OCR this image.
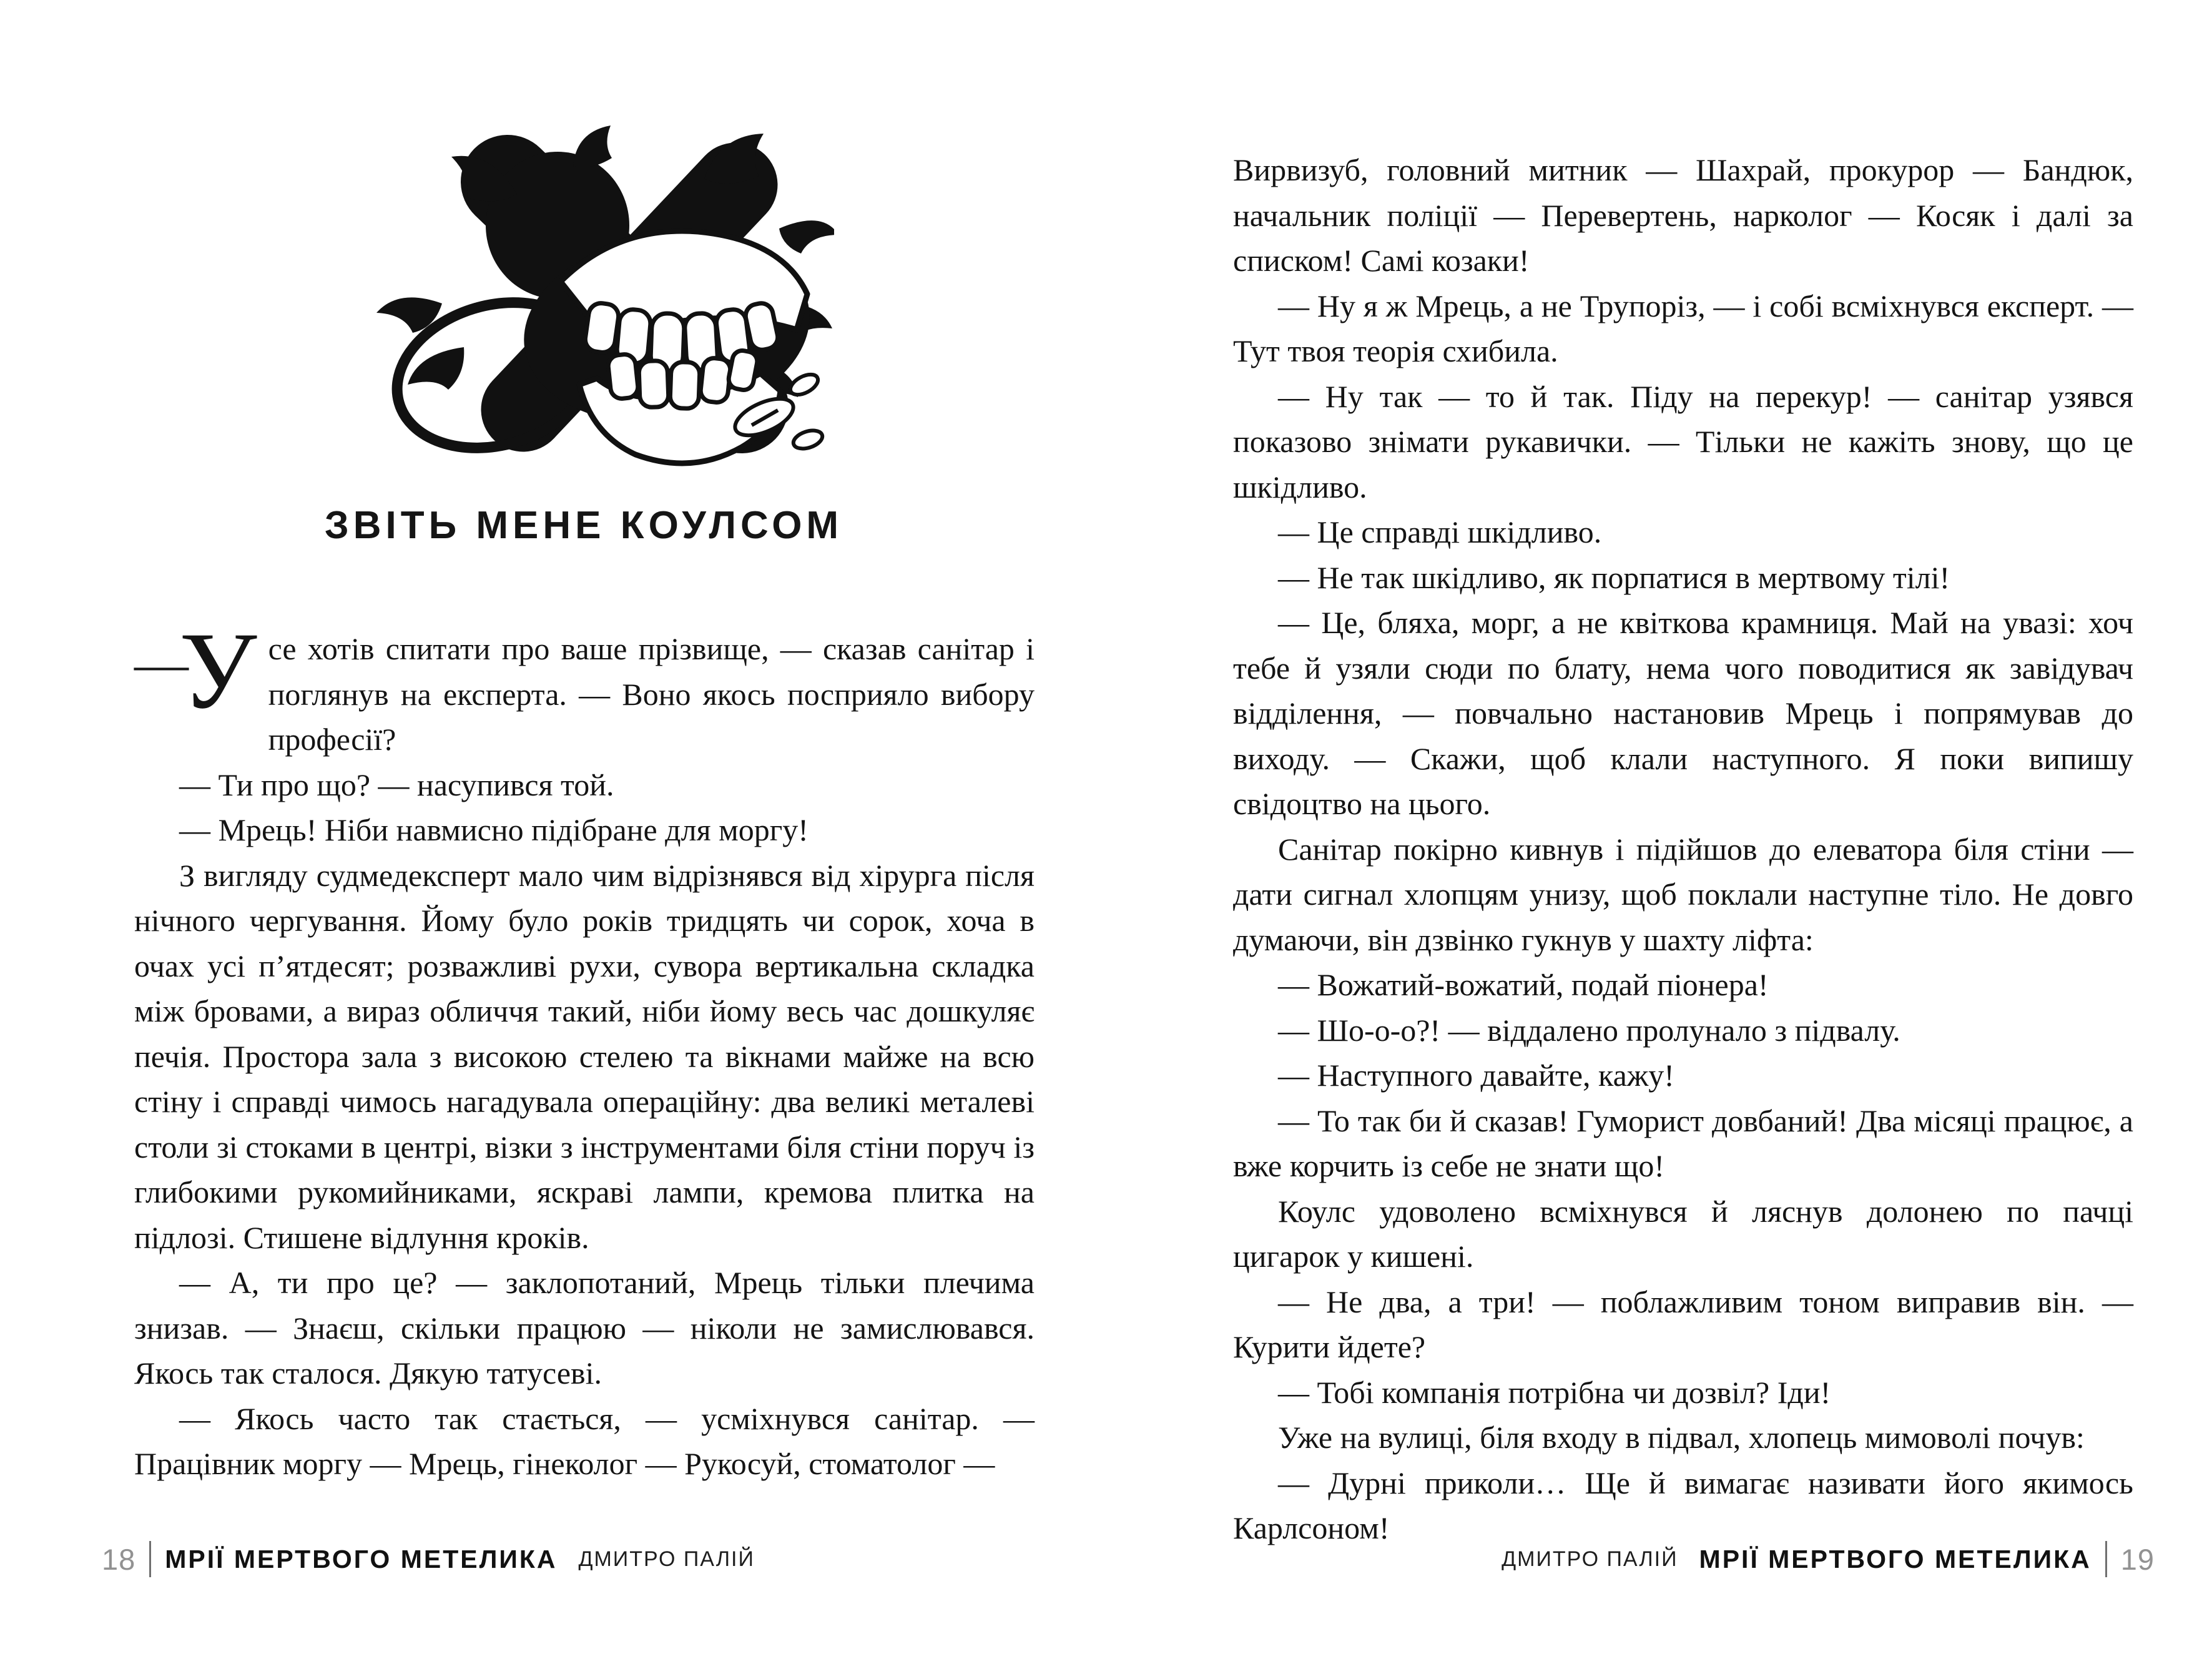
ЗВІТЬ МЕНЕ КОУЛСОМ

—
У се хотів спитати про ваше прізвище, — сказав санітар і поглянув на експерта. — Воно якось посприяло вибору професії?

— Ти про що? — насупився той.

— Мрець! Ніби навмисно підібране для моргу!

З вигляду судмедексперт мало чим відрізнявся від хірурга після нічного чергування. Йому було років тридцять чи сорок, хоча в очах усі п’ятдесят; розважливі рухи, сувора вертикальна складка між бровами, а вираз обличчя такий, ніби йому весь час дошкуляє печія. Простора зала з високою стелею та вікнами майже на всю стіну і справді чимось нагадувала операційну: два великі металеві столи зі стоками в центрі, візки з інструментами біля стіни поруч із глибокими рукомийниками, яскраві лампи, кремова плитка на підлозі. Стишене відлуння кроків.

— А, ти про це? — заклопотаний, Мрець тільки плечима знизав. — Знаєш, скільки працюю — ніколи не замислювався. Якось так сталося. Дякую татусеві.

— Якось часто так стається, — усміхнувся санітар. — Працівник моргу — Мрець, гінеколог — Рукосуй, стоматолог —

18 МРІЇ МЕРТВОГО МЕТЕЛИКА ДМИТРО ПАЛІЙ

Вирвизуб, головний митник — Шахрай, прокурор — Бандюк, начальник поліції — Перевертень, нарколог — Косяк і далі за списком! Самі козаки!

— Ну я ж Мрець, а не Трупоріз, — і собі всміхнувся експерт. — Тут твоя теорія схибила.

— Ну так — то й так. Піду на перекур! — санітар узявся показово знімати рукавички. — Тільки не кажіть знову, що це шкідливо.

— Це справді шкідливо.

— Не так шкідливо, як порпатися в мертвому тілі!

— Це, бляха, морг, а не квіткова крамниця. Май на увазі: хоч тебе й узяли сюди по блату, нема чого поводитися як завідувач відділення, — повчально настановив Мрець і попрямував до виходу. — Скажи, щоб клали наступного. Я поки випишу свідоцтво на цього.

Санітар покірно кивнув і підійшов до елеватора біля стіни — дати сигнал хлопцям унизу, щоб поклали наступне тіло. Не довго думаючи, він дзвінко гукнув у шахту ліфта:

— Вожатий-вожатий, подай піонера!

— Шо-о-о?! — віддалено пролунало з підвалу.

— Наступного давайте, кажу!

— То так би й сказав! Гуморист довбаний! Два місяці працює, а вже корчить із себе не знати що!

Коулс удоволено всміхнувся й ляснув долонею по пачці цигарок у кишені.

— Не два, а три! — поблажливим тоном виправив він. — Курити йдете?

— Тобі компанія потрібна чи дозвіл? Іди!

Уже на вулиці, біля входу в підвал, хлопець мимоволі почув:

— Дурні приколи… Ще й вимагає називати його якимось Карлсоном!

ДМИТРО ПАЛІЙ МРІЇ МЕРТВОГО МЕТЕЛИКА 19
